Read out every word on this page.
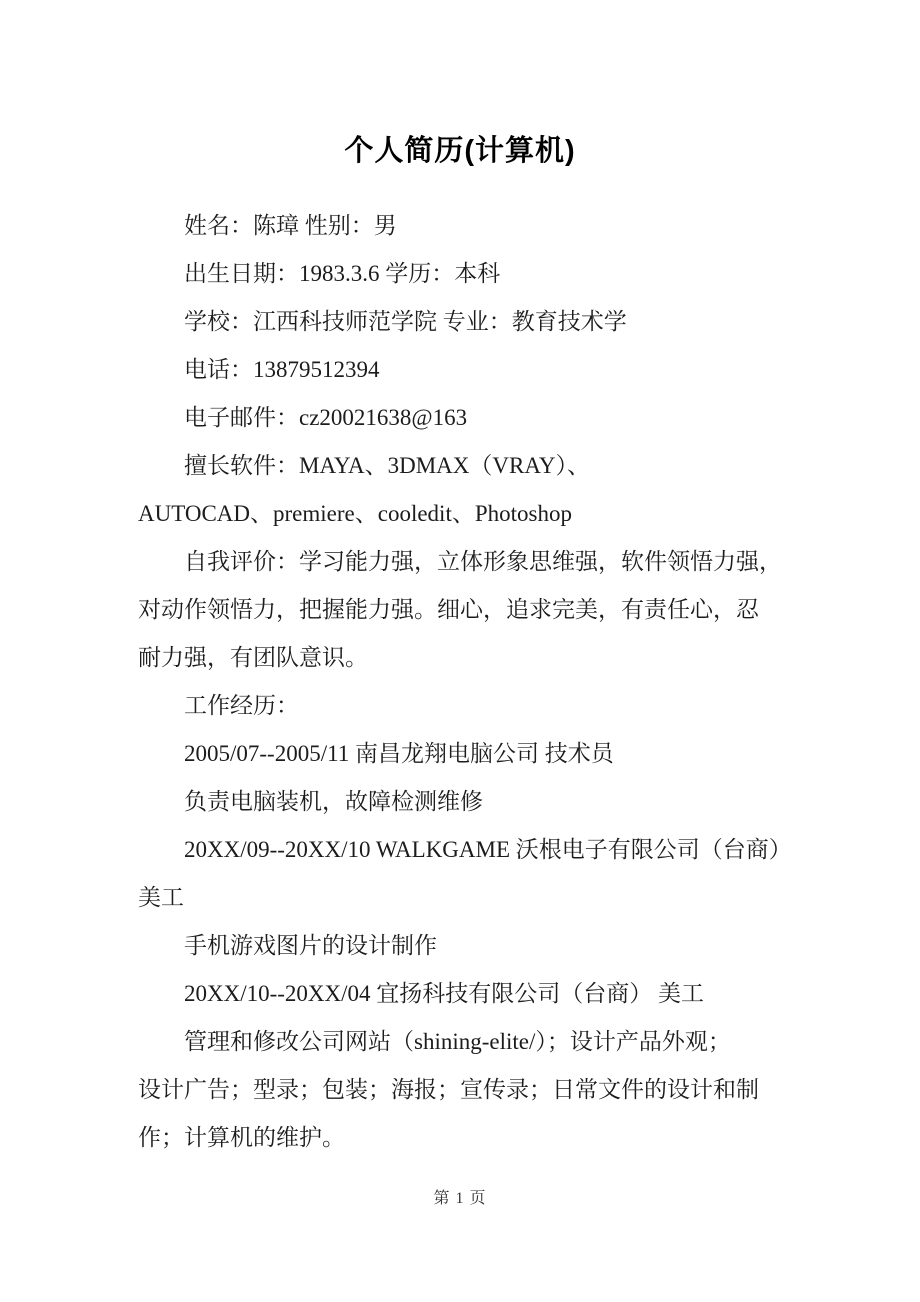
个人简历(计算机)
姓名：陈璋 性别：男
出生日期：1983.3.6 学历：本科
学校：江西科技师范学院 专业：教育技术学
电话：13879512394
电子邮件：cz20021638@163
擅长软件：MAYA、3DMAX（VRAY）、
AUTOCAD、premiere、cooledit、Photoshop
自我评价：学习能力强，立体形象思维强，软件领悟力强，
对动作领悟力，把握能力强。细心，追求完美，有责任心，忍
耐力强，有团队意识。
工作经历：
2005/07--2005/11 南昌龙翔电脑公司 技术员
负责电脑装机，故障检测维修
20XX/09--20XX/10 WALKGAME 沃根电子有限公司（台商）
美工
手机游戏图片的设计制作
20XX/10--20XX/04 宜扬科技有限公司（台商） 美工
管理和修改公司网站（shining-elite/）；设计产品外观；
设计广告；型录；包装；海报；宣传录；日常文件的设计和制
作；计算机的维护。
第 1 页
